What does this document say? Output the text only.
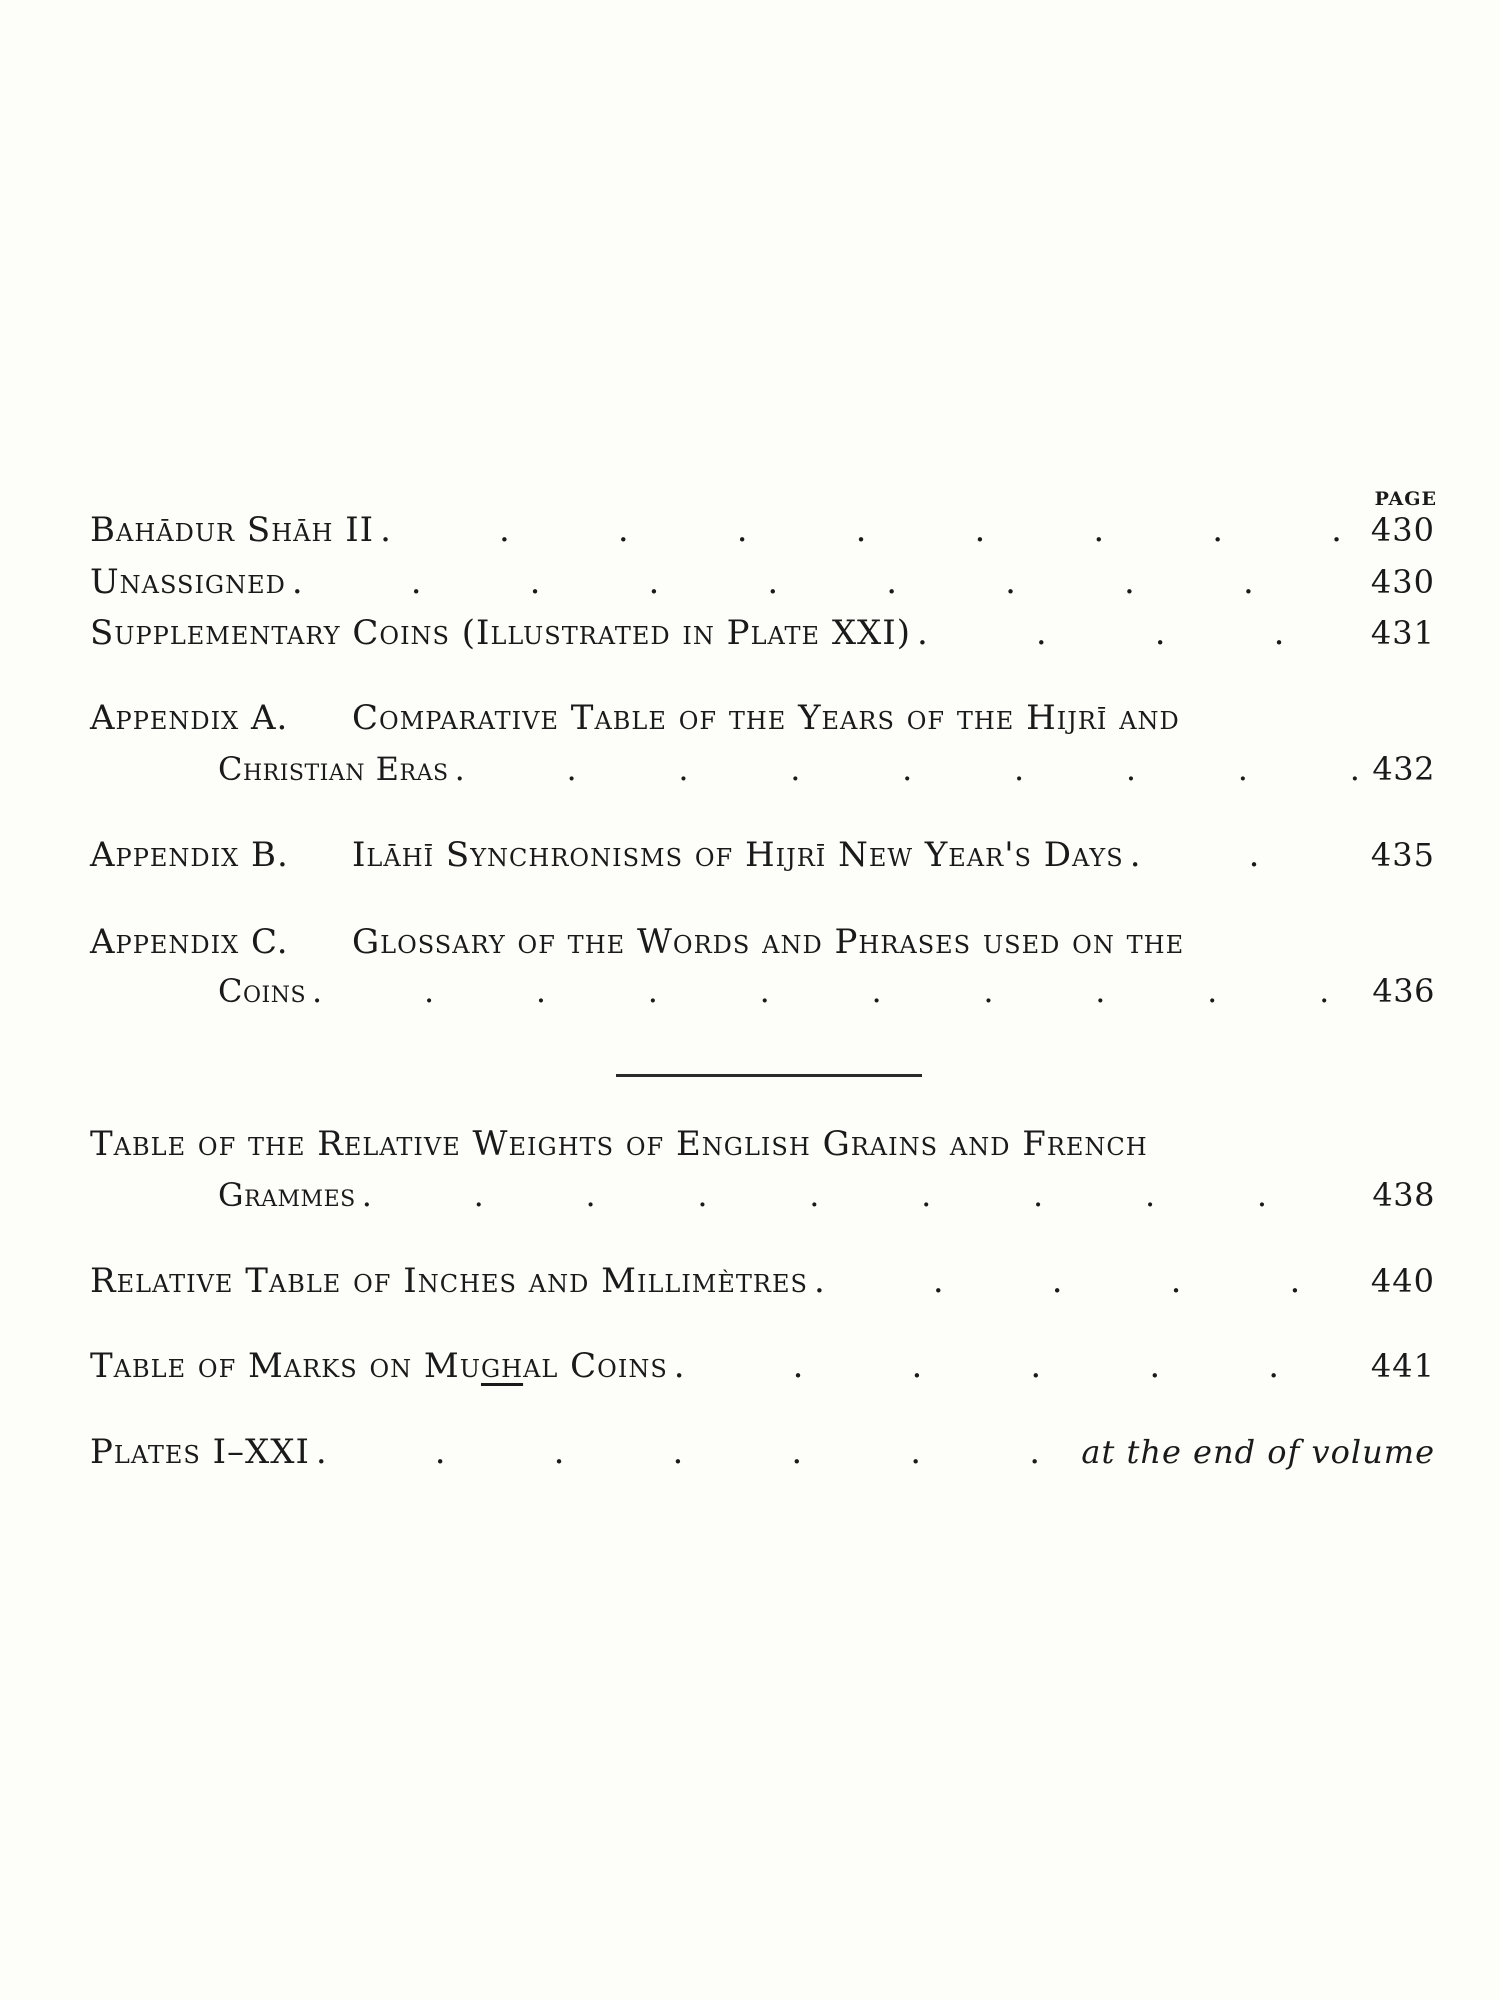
PAGE
Bahādur Shāh II .	430
Unassigned .	430
Supplementary Coins (Illustrated in Plate XXI) .	431
Appendix A.	Comparative Table of the Years of the Hijrī and
Christian Eras .	432
Appendix B.	Ilāhī Synchronisms of Hijrī New Year's Days .	435
Appendix C.	Glossary of the Words and Phrases used on the
Coins .	436
Table of the Relative Weights of English Grains and French
Grammes .	438
Relative Table of Inches and Millimètres .	440
Table of Marks on Mughal Coins .	441
Plates I–XXI .	at the end of volume
